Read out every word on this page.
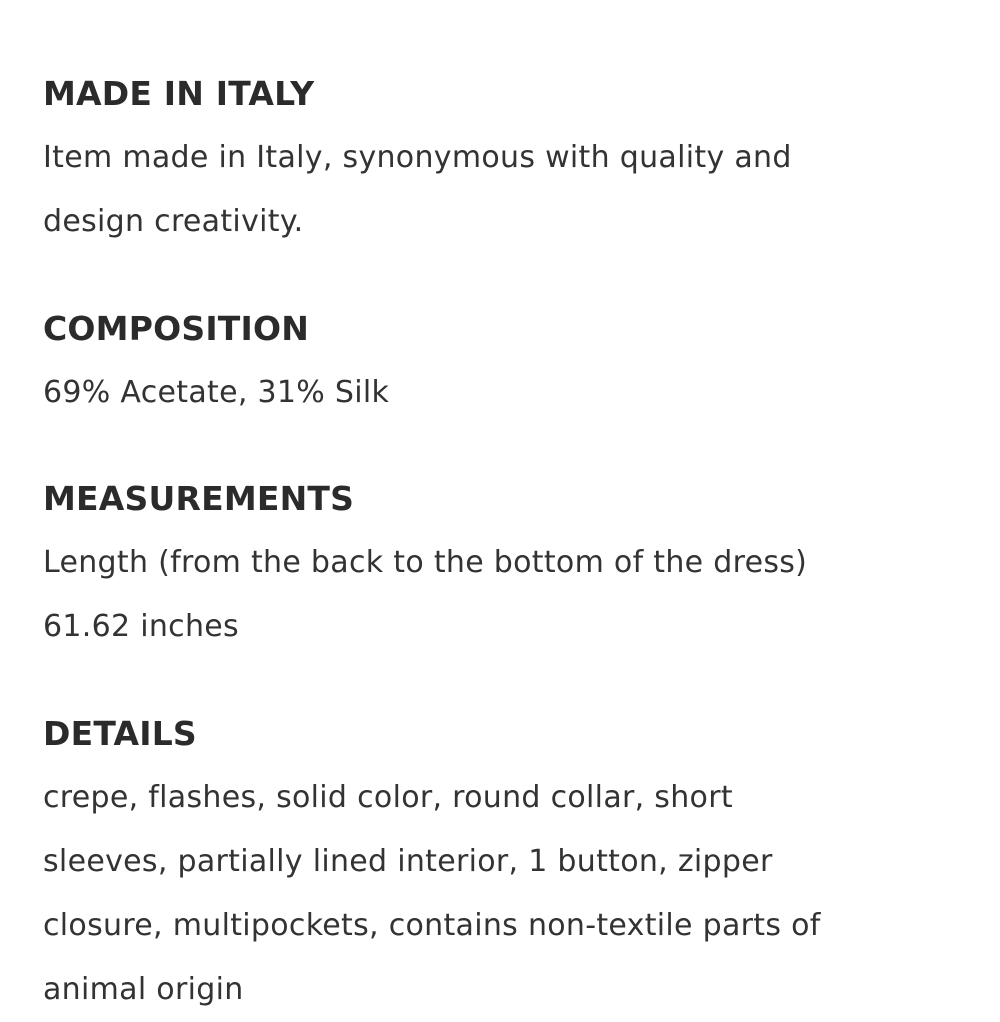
MADE IN ITALY
Item made in Italy, synonymous with quality and
design creativity.
COMPOSITION
69% Acetate, 31% Silk
MEASUREMENTS
Length (from the back to the bottom of the dress)
61.62 inches
DETAILS
crepe, flashes, solid color, round collar, short
sleeves, partially lined interior, 1 button, zipper
closure, multipockets, contains non-textile parts of
animal origin
